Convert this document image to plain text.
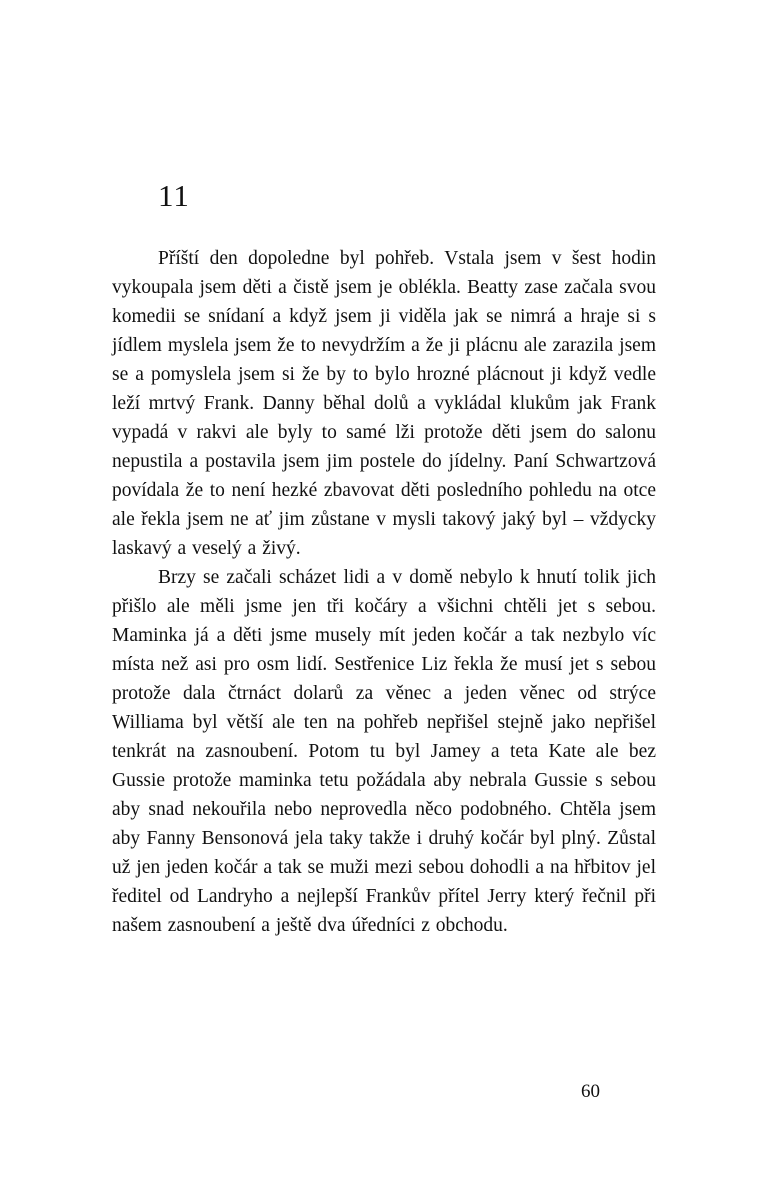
11

Příští den dopoledne byl pohřeb. Vstala jsem v šest hodin vykoupala jsem děti a čistě jsem je oblékla. Beatty zase začala svou komedii se snídaní a když jsem ji viděla jak se nimrá a hraje si s jídlem myslela jsem že to nevydržím a že ji plácnu ale zarazila jsem se a pomyslela jsem si že by to bylo hrozné plácnout ji když vedle leží mrtvý Frank. Danny běhal dolů a vykládal klukům jak Frank vypadá v rakvi ale byly to samé lži protože děti jsem do salonu nepustila a postavila jsem jim postele do jídelny. Paní Schwartzová povídala že to není hezké zbavovat děti posledního pohledu na otce ale řekla jsem ne ať jim zůstane v mysli takový jaký byl – vždycky laskavý a veselý a živý.

Brzy se začali scházet lidi a v domě nebylo k hnutí tolik jich přišlo ale měli jsme jen tři kočáry a všichni chtěli jet s sebou. Maminka já a děti jsme musely mít jeden kočár a tak nezbylo víc místa než asi pro osm lidí. Sestřenice Liz řekla že musí jet s sebou protože dala čtrnáct dolarů za věnec a jeden věnec od strýce Williama byl větší ale ten na pohřeb nepřišel stejně jako nepřišel tenkrát na zasnoubení. Potom tu byl Jamey a teta Kate ale bez Gussie protože maminka tetu požádala aby nebrala Gussie s sebou aby snad nekouřila nebo neprovedla něco podobného. Chtěla jsem aby Fanny Bensonová jela taky takže i druhý kočár byl plný. Zůstal už jen jeden kočár a tak se muži mezi sebou dohodli a na hřbitov jel ředitel od Landryho a nejlepší Frankův přítel Jerry který řečnil při našem zasnoubení a ještě dva úředníci z obchodu.

60
